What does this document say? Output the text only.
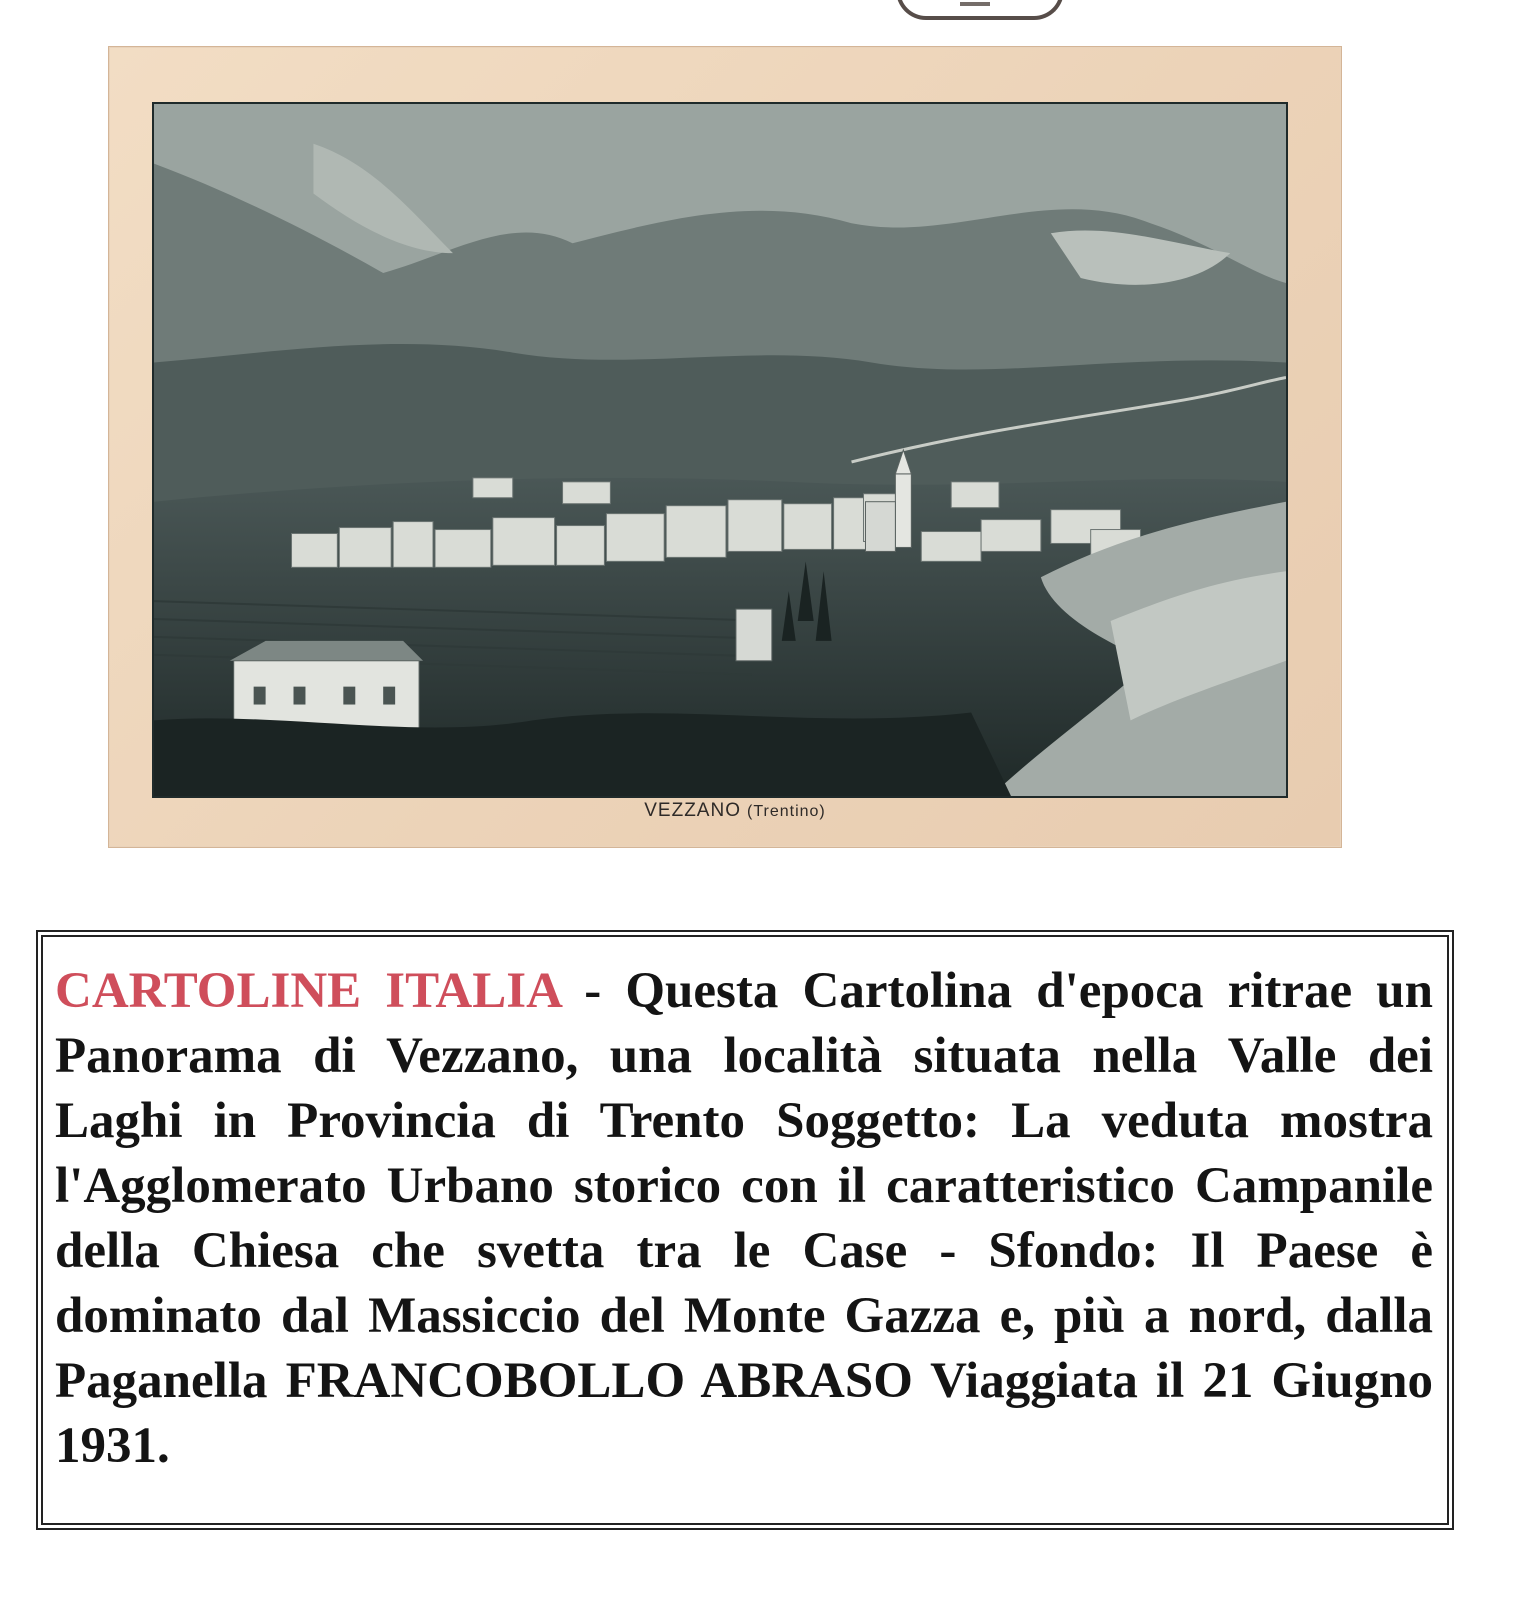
VEZZANO (Trentino)

CARTOLINE ITALIA - Questa Cartolina d'epoca ritrae un Panorama di Vezzano, una località situata nella Valle dei Laghi in Provincia di Trento Soggetto: La veduta mostra l'Agglomerato Urbano storico con il caratteristico Campanile della Chiesa che svetta tra le Case - Sfondo: Il Paese è dominato dal Massiccio del Monte Gazza e, più a nord, dalla Paganella FRANCOBOLLO ABRASO Viaggiata il 21 Giugno 1931.
